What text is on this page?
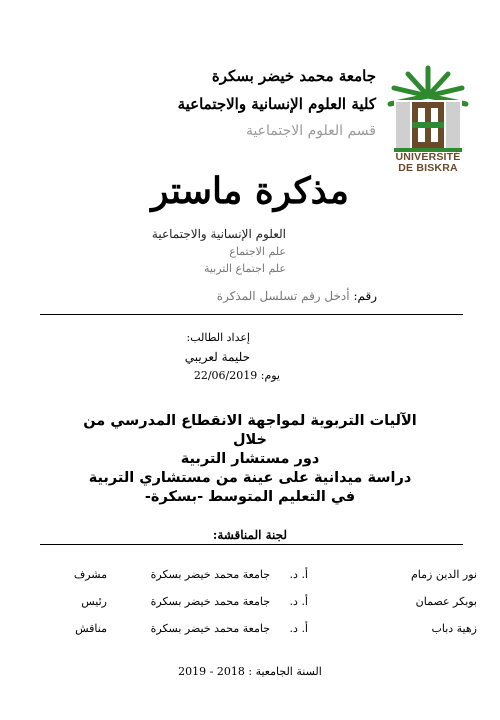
UNIVERSITÉ
DE BISKRA
جامعة محمد خيضر بسكرة
كلية العلوم الإنسانية والاجتماعية
قسم العلوم الاجتماعية
مذكرة ماستر
العلوم الإنسانية والاجتماعية
علم الاجتماع
علم اجتماع التربية
رقم: أدخل رقم تسلسل المذكرة
إعداد الطالب:
حليمة لعريبي
يوم: 22/06/2019
الآليات التربوية لمواجهة الانقطاع المدرسي من خلال
دور مستشار التربية
دراسة ميدانية على عينة من مستشاري التربية
في التعليم المتوسط -بسكرة-
لجنة المناقشة:
نور الدين زمام
أ. د.
جامعة محمد خيضر بسكرة
مشرف
بوبكر عصمان
أ. د.
جامعة محمد خيضر بسكرة
رئيس
زهية دباب
أ. د.
جامعة محمد خيضر بسكرة
مناقش
السنة الجامعية : 2018 - 2019
